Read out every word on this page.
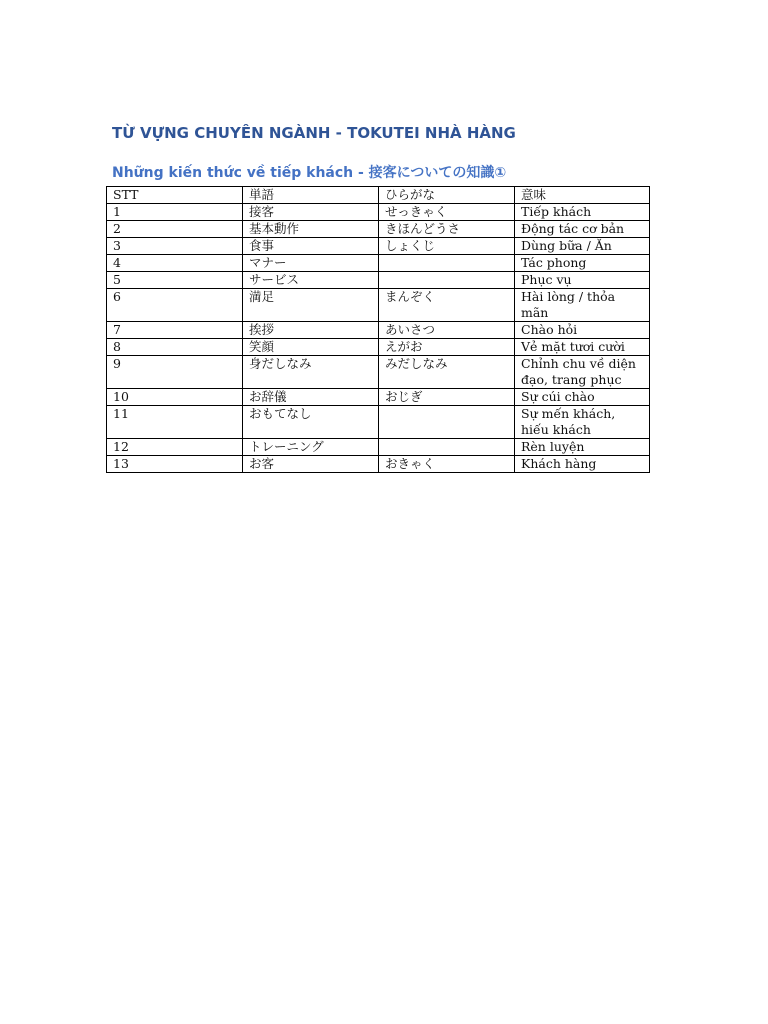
TỪ VỰNG CHUYÊN NGÀNH - TOKUTEI NHÀ HÀNG
Những kiến thức về tiếp khách - 接客についての知識①
STT	単語	ひらがな	意味
1	接客	せっきゃく	Tiếp khách
2	基本動作	きほんどうさ	Động tác cơ bản
3	食事	しょくじ	Dùng bữa / Ăn
4	マナー		Tác phong
5	サービス		Phục vụ
6	満足	まんぞく	Hài lòng / thỏa mãn
7	挨拶	あいさつ	Chào hỏi
8	笑顔	えがお	Vẻ mặt tươi cười
9	身だしなみ	みだしなみ	Chỉnh chu về diện đạo, trang phục
10	お辞儀	おじぎ	Sự cúi chào
11	おもてなし		Sự mến khách, hiếu khách
12	トレーニング		Rèn luyện
13	お客	おきゃく	Khách hàng
